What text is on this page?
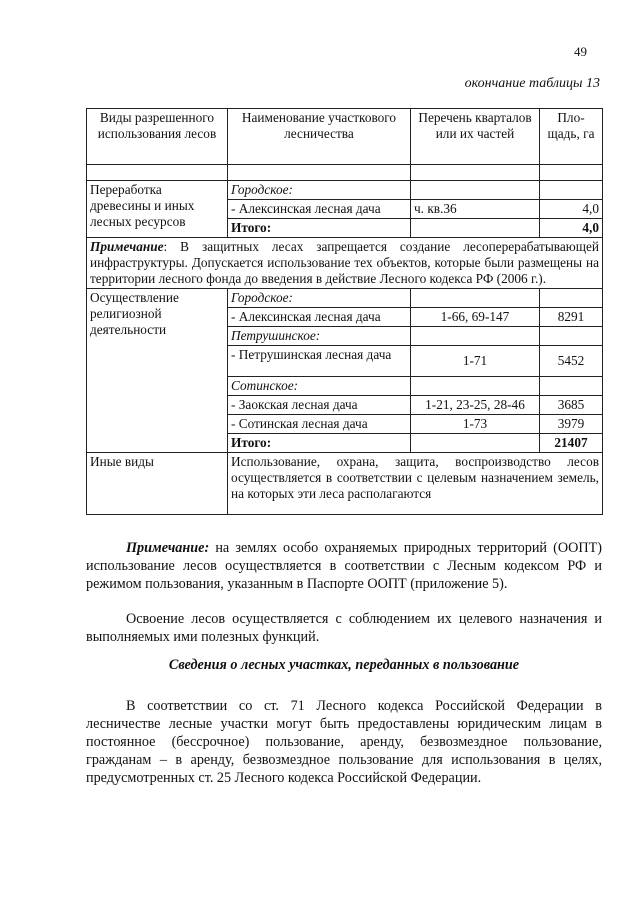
49
окончание таблицы 13
Виды разрешенного использования лесов	Наименование участкового лесничества	Перечень кварталов или их частей	Пло-щадь, га

Переработка древесины и иных лесных ресурсов	Городское:		
	- Алексинская лесная дача	ч. кв.36	4,0
	Итого:		4,0
Примечание: В защитных лесах запрещается создание лесоперерабатывающей инфраструктуры. Допускается использование тех объектов, которые были размещены на территории лесного фонда до введения в действие Лесного кодекса РФ (2006 г.).			
Осуществление религиозной деятельности	Городское:		
	- Алексинская лесная дача	1-66, 69-147	8291
	Петрушинское:		
	- Петрушинская лесная дача	1-71	5452
	Сотинское:		
	- Заокская лесная дача	1-21, 23-25, 28-46	3685
	- Сотинская лесная дача	1-73	3979
	Итого:		21407
Иные виды	Использование, охрана, защита, воспроизводство лесов осуществляется в соответствии с целевым назначением земель, на которых эти леса располагаются		

Примечание: на землях особо охраняемых природных территорий (ООПТ) использование лесов осуществляется в соответствии с Лесным кодексом РФ и режимом пользования, указанным в Паспорте ООПТ (приложение 5).

Освоение лесов осуществляется с соблюдением их целевого назначения и выполняемых ими полезных функций.

Сведения о лесных участках, переданных в пользование

В соответствии со ст. 71 Лесного кодекса Российской Федерации в лесничестве лесные участки могут быть предоставлены юридическим лицам в постоянное (бессрочное) пользование, аренду, безвозмездное пользование, гражданам – в аренду, безвозмездное пользование для использования в целях, предусмотренных ст. 25 Лесного кодекса Российской Федерации.
